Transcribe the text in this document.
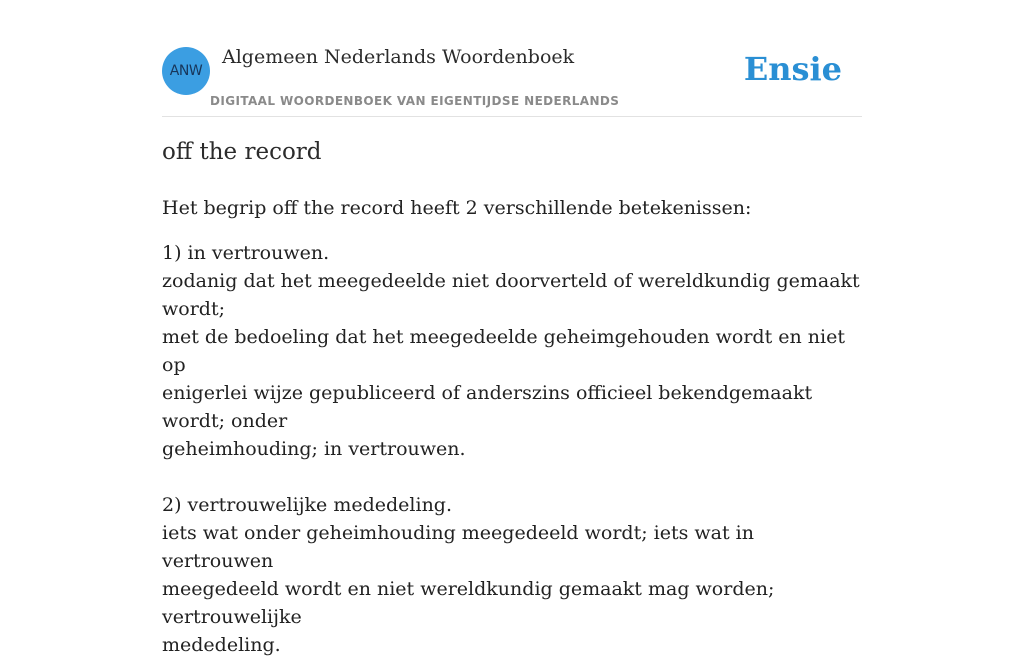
ANW
Algemeen Nederlands Woordenboek
DIGITAAL WOORDENBOEK VAN EIGENTIJDSE NEDERLANDS
Ensie
off the record
Het begrip off the record heeft 2 verschillende betekenissen:

1) in vertrouwen.

zodanig dat het meegedeelde niet doorverteld of wereldkundig gemaakt wordt;

met de bedoeling dat het meegedeelde geheimgehouden wordt en niet op

enigerlei wijze gepubliceerd of anderszins officieel bekendgemaakt wordt; onder

geheimhouding; in vertrouwen.

2) vertrouwelijke mededeling.

iets wat onder geheimhouding meegedeeld wordt; iets wat in vertrouwen

meegedeeld wordt en niet wereldkundig gemaakt mag worden; vertrouwelijke

mededeling.
